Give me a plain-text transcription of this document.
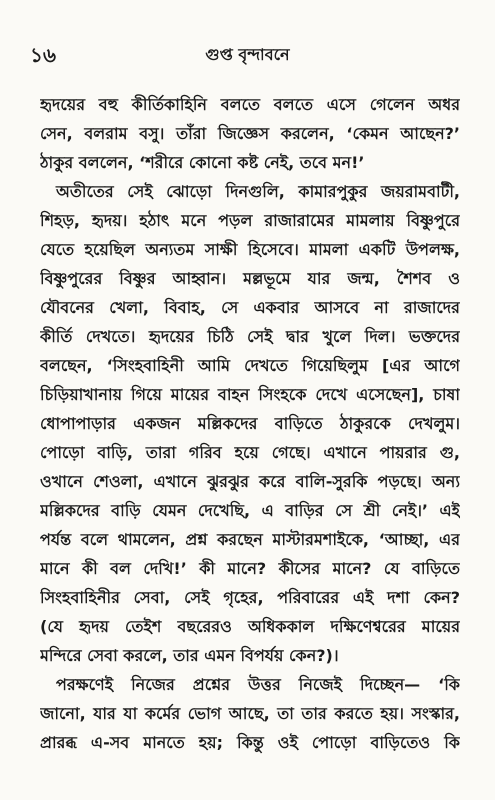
১৬	গুপ্ত বৃন্দাবনে
হৃদয়ের বহু কীর্তিকাহিনি বলতে বলতে এসে গেলেন অধর
সেন, বলরাম বসু। তাঁরা জিজ্ঞেস করলেন, ‘কেমন আছেন?’
ঠাকুর বললেন, ‘শরীরে কোনো কষ্ট নেই, তবে মন!’
অতীতের সেই ঝোড়ো দিনগুলি, কামারপুকুর জয়রামবাটী,
শিহড়, হৃদয়। হঠাৎ মনে পড়ল রাজারামের মামলায় বিষ্ণুপুরে
যেতে হয়েছিল অন্যতম সাক্ষী হিসেবে। মামলা একটি উপলক্ষ,
বিষ্ণুপুরের বিষ্ণুর আহ্বান। মল্লভূমে যার জন্ম, শৈশব ও
যৌবনের খেলা, বিবাহ, সে একবার আসবে না রাজাদের
কীর্তি দেখতে। হৃদয়ের চিঠি সেই দ্বার খুলে দিল। ভক্তদের
বলছেন, ‘সিংহবাহিনী আমি দেখতে গিয়েছিলুম [এর আগে
চিড়িয়াখানায় গিয়ে মায়ের বাহন সিংহকে দেখে এসেছেন], চাষা
ধোপাপাড়ার একজন মল্লিকদের বাড়িতে ঠাকুরকে দেখলুম।
পোড়ো বাড়ি, তারা গরিব হয়ে গেছে। এখানে পায়রার গু,
ওখানে শেওলা, এখানে ঝুরঝুর করে বালি-সুরকি পড়ছে। অন্য
মল্লিকদের বাড়ি যেমন দেখেছি, এ বাড়ির সে শ্রী নেই।’ এই
পর্যন্ত বলে থামলেন, প্রশ্ন করছেন মাস্টারমশাইকে, ‘আচ্ছা, এর
মানে কী বল দেখি!’ কী মানে? কীসের মানে? যে বাড়িতে
সিংহবাহিনীর সেবা, সেই গৃহের, পরিবারের এই দশা কেন?
(যে হৃদয় তেইশ বছরেরও অধিককাল দক্ষিণেশ্বরের মায়ের
মন্দিরে সেবা করলে, তার এমন বিপর্যয় কেন?)।
পরক্ষণেই নিজের প্রশ্নের উত্তর নিজেই দিচ্ছেন— ‘কি
জানো, যার যা কর্মের ভোগ আছে, তা তার করতে হয়। সংস্কার,
প্রারব্ধ এ-সব মানতে হয়; কিন্তু ওই পোড়ো বাড়িতেও কি
